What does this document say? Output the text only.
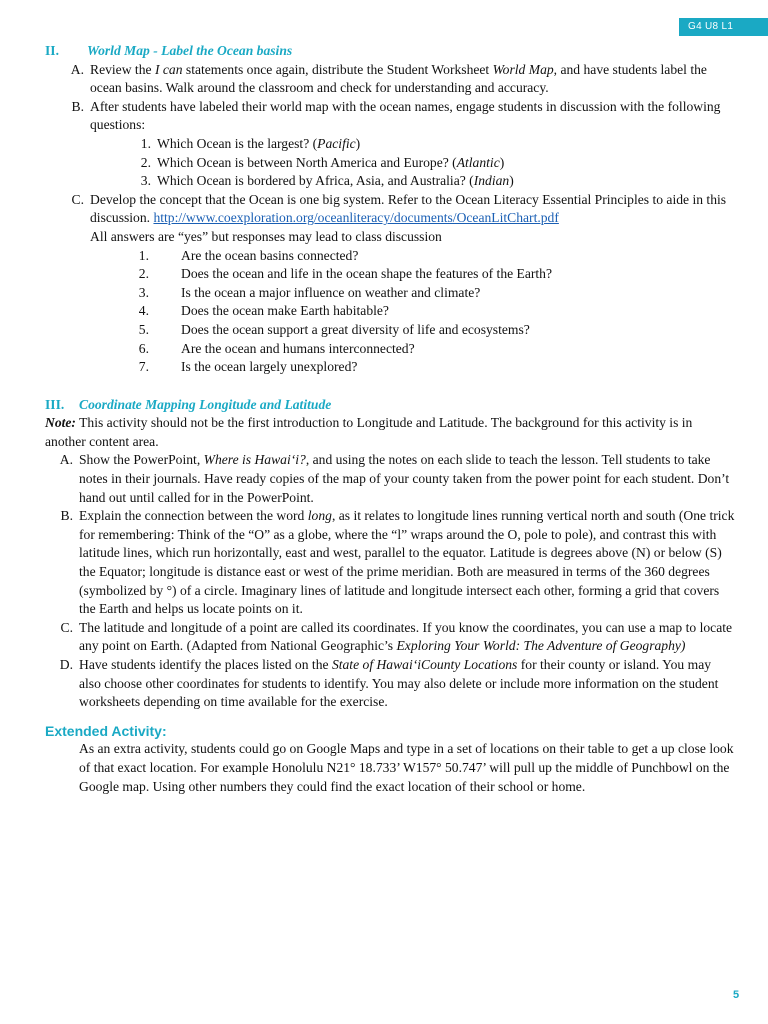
G4 U8 L1
II. World Map - Label the Ocean basins
A. Review the I can statements once again, distribute the Student Worksheet World Map, and have students label the ocean basins. Walk around the classroom and check for understanding and accuracy.
B. After students have labeled their world map with the ocean names, engage students in discussion with the following questions:
1. Which Ocean is the largest? (Pacific)
2. Which Ocean is between North America and Europe? (Atlantic)
3. Which Ocean is bordered by Africa, Asia, and Australia? (Indian)
C. Develop the concept that the Ocean is one big system. Refer to the Ocean Literacy Essential Principles to aide in this discussion. http://www.coexploration.org/oceanliteracy/documents/OceanLitChart.pdf
All answers are “yes” but responses may lead to class discussion
1.	Are the ocean basins connected?
2.	Does the ocean and life in the ocean shape the features of the Earth?
3.	Is the ocean a major influence on weather and climate?
4.	Does the ocean make Earth habitable?
5.	Does the ocean support a great diversity of life and ecosystems?
6.	Are the ocean and humans interconnected?
7.	Is the ocean largely unexplored?
III. Coordinate Mapping Longitude and Latitude
Note: This activity should not be the first introduction to Longitude and Latitude. The background for this activity is in another content area.
A. Show the PowerPoint, Where is Hawai‘i?, and using the notes on each slide to teach the lesson. Tell students to take notes in their journals. Have ready copies of the map of your county taken from the power point for each student. Don’t hand out until called for in the PowerPoint.
B. Explain the connection between the word long, as it relates to longitude lines running vertical north and south (One trick for remembering: Think of the “O” as a globe, where the “l” wraps around the O, pole to pole), and contrast this with latitude lines, which run horizontally, east and west, parallel to the equator. Latitude is degrees above (N) or below (S) the Equator; longitude is distance east or west of the prime meridian. Both are measured in terms of the 360 degrees (symbolized by °) of a circle. Imaginary lines of latitude and longitude intersect each other, forming a grid that covers the Earth and helps us locate points on it.
C. The latitude and longitude of a point are called its coordinates. If you know the coordinates, you can use a map to locate any point on Earth. (Adapted from National Geographic’s Exploring Your World: The Adventure of Geography)
D. Have students identify the places listed on the State of Hawai‘iCounty Locations for their county or island. You may also choose other coordinates for students to identify. You may also delete or include more information on the student worksheets depending on time available for the exercise.
Extended Activity:
As an extra activity, students could go on Google Maps and type in a set of locations on their table to get a up close look of that exact location. For example Honolulu N21° 18.733’ W157° 50.747’ will pull up the middle of Punchbowl on the Google map. Using other numbers they could find the exact location of their school or home.
5
